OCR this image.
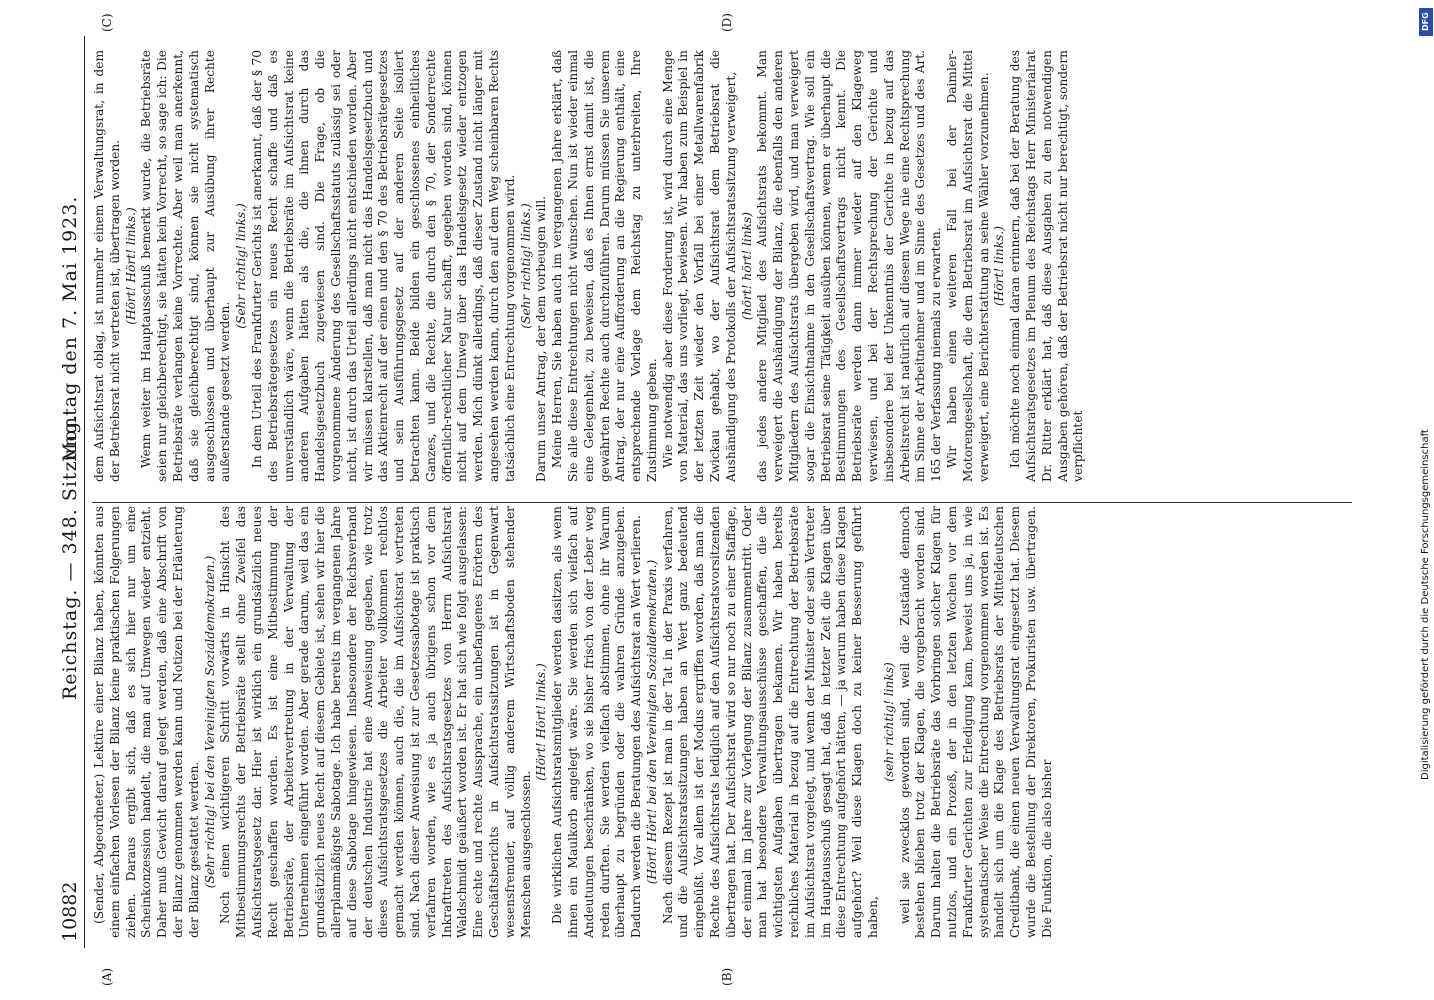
10882
Reichstag. — 348. Sitzung.
Montag den 7. Mai 1923.

(Sender, Abgeordneter.) Lektüre einer Bilanz haben, könnten aus einem einfachen Vorlesen der Bilanz keine praktischen Folgerungen ziehen. Daraus ergibt sich, daß es sich hier nur um eine Scheinkonzession handelt, die man auf Umwegen wieder entzieht. Daher muß Gewicht darauf gelegt werden, daß eine Abschrift von der Bilanz genommen werden kann und Notizen bei der Erläuterung der Bilanz gestattet werden. (Sehr richtig! bei den Vereinigten Sozialdemokraten.) Noch einen wichtigeren Schritt vorwärts in Hinsicht des Mitbestimmungsrechts der Betriebsräte stellt ohne Zweifel das Aufsichtsratsgesetz dar. Hier ist wirklich ein grundsätzlich neues Recht geschaffen worden. Es ist eine Mitbestimmung der Betriebsräte, der Arbeitervertretung in der Verwaltung der Unternehmen eingeführt worden. Aber gerade darum, weil das ein grundsätzlich neues Recht auf diesem Gebiete ist, sehen wir hier die allerplanmäßigste Sabotage. Ich habe bereits im vergangenen Jahre auf diese Sabotage hingewiesen. Insbesondere der Reichsverband der deutschen Industrie hat eine Anweisung gegeben, wie trotz dieses Aufsichtsratsgesetzes die Arbeiter vollkommen rechtlos gemacht werden können, auch die, die im Aufsichtsrat vertreten sind. Nach dieser Anweisung ist zur Gesetzessabotage ist praktisch verfahren worden, wie es ja auch übrigens schon vor dem Inkrafttreten des Aufsichtsratsgesetzes von Herrn Aufsichtsrat Waldschmidt geäußert worden ist. Er hat sich wie folgt ausgelassen: Eine echte und rechte Aussprache, ein unbefangenes Erörtern des Geschäftsberichts in Aufsichtsratssitzungen ist in Gegenwart wesensfremder, auf völlig anderem Wirtschaftsboden stehender Menschen ausgeschlossen.

(Hört! Hört! links.) Die wirklichen Aufsichtsratsmitglieder werden dasitzen, als wenn ihnen ein Maulkorb angelegt wäre. Sie werden sich vielfach auf Andeutungen beschränken, wo sie bisher frisch von der Leber weg reden durften. Sie werden vielfach abstimmen, ohne ihr Warum überhaupt zu begründen oder die wahren Gründe anzugeben. Dadurch werden die Beratungen des Aufsichtsrat an Wert verlieren. (Hört! Hört! bei den Vereinigten Sozialdemokraten.) Nach diesem Rezept ist man in der Tat in der Praxis verfahren, und die Aufsichtsratssitzungen haben an Wert ganz bedeutend eingebüßt. Vor allem ist der Modus ergriffen worden, daß man die Rechte des Aufsichtsrats lediglich auf den Aufsichtsratsvorsitzenden übertragen hat. Der Aufsichtsrat wird so nur noch zu einer Staffage, der einmal im Jahre zur Vorlegung der Bilanz zusammentritt. Oder man hat besondere Verwaltungsausschüsse geschaffen, die die wichtigsten Aufgaben übertragen bekamen. Wir haben bereits reichliches Material in bezug auf die Entrechtung der Betriebsräte im Aufsichtsrat vorgelegt, und wenn der Minister oder sein Vertreter im Hauptausschuß gesagt hat, daß in letzter Zeit die Klagen über diese Entrechtung aufgehört hätten, — ja warum haben diese Klagen aufgehört? Weil diese Klagen doch zu keiner Besserung geführt haben,

(sehr richtig! links) weil sie zwecklos geworden sind, weil die Zustände dennoch bestehen blieben trotz der Klagen, die vorgebracht worden sind. Darum halten die Betriebsräte das Vorbringen solcher Klagen für nutzlos, und ein Prozeß, der in den letzten Wochen vor dem Frankfurter Gerichten zur Erledigung kam, beweist uns ja, in wie systematischer Weise die Entrechtung vorgenommen worden ist. Es handelt sich um die Klage des Betriebsrats der Mitteldeutschen Creditbank, die einen neuen Verwaltungsrat eingesetzt hat. Diesem wurde die Bestellung der Direktoren, Prokuristen usw. übertragen. Die Funktion, die also bisher

dem Aufsichtsrat oblag, ist nunmehr einem Verwaltungsrat, in dem der Betriebsrat nicht vertreten ist, übertragen worden. (Hört! Hört! links.) Wenn weiter im Hauptausschuß bemerkt wurde, die Betriebsräte seien nur gleichberechtigt, sie hätten kein Vorrecht, so sage ich: Die Betriebsräte verlangen keine Vorrechte. Aber weil man anerkennt, daß sie gleichberechtigt sind, können sie nicht systematisch ausgeschlossen und überhaupt zur Ausübung ihrer Rechte außerstande gesetzt werden.

(Sehr richtig! links.) In dem Urteil des Frankfurter Gerichts ist anerkannt, daß der § 70 des Betriebsrätegesetzes ein neues Recht schaffe und daß es unverständlich wäre, wenn die Betriebsräte im Aufsichtsrat keine anderen Aufgaben hätten als die, die ihnen durch das Handelsgesetzbuch zugewiesen sind. Die Frage, ob die vorgenommene Änderung des Gesellschaftsstatuts zulässig sei oder nicht, ist durch das Urteil allerdings nicht entschieden worden. Aber wir müssen klarstellen, daß man nicht das Handelsgesetzbuch und das Aktienrecht auf der einen und den § 70 des Betriebsrätegesetzes und sein Ausführungsgesetz auf der anderen Seite isoliert betrachten kann. Beide bilden ein geschlossenes einheitliches Ganzes, und die Rechte, die durch den § 70, der Sonderrechte öffentlich-rechtlicher Natur schafft, gegeben worden sind, können nicht auf dem Umweg über das Handelsgesetz wieder entzogen werden. Mich dünkt allerdings, daß dieser Zustand nicht länger mit angesehen werden kann, durch den auf dem Weg scheinbaren Rechts tatsächlich eine Entrechtung vorgenommen wird. (Sehr richtig! links.) Darum unser Antrag, der dem vorbeugen will. Meine Herren, Sie haben auch im vergangenen Jahre erklärt, daß Sie alle diese Entrechtungen nicht wünschen. Nun ist wieder einmal eine Gelegenheit, zu beweisen, daß es Ihnen ernst damit ist, die gewährten Rechte auch durchzuführen. Darum müssen Sie unserem Antrag, der nur eine Aufforderung an die Regierung enthält, eine entsprechende Vorlage dem Reichstag zu unterbreiten, Ihre Zustimmung geben. Wie notwendig aber diese Forderung ist, wird durch eine Menge von Material, das uns vorliegt, bewiesen. Wir haben zum Beispiel in der letzten Zeit wieder den Vorfall bei einer Metallwarenfabrik Zwickau gehabt, wo der Aufsichtsrat dem Betriebsrat die Aushändigung des Protokolls der Aufsichtsratssitzung verweigert, (hört! hört! links) das jedes andere Mitglied des Aufsichtsrats bekommt. Man verweigert die Aushändigung der Bilanz, die ebenfalls den anderen Mitgliedern des Aufsichtsrats übergeben wird, und man verweigert sogar die Einsichtnahme in den Gesellschaftsvertrag. Wie soll ein Betriebsrat seine Tätigkeit ausüben können, wenn er überhaupt die Bestimmungen des Gesellschaftsvertrags nicht kennt. Die Betriebsräte werden dann immer wieder auf den Klageweg verwiesen, und bei der Rechtsprechung der Gerichte und insbesondere bei der Unkenntnis der Gerichte in bezug auf das Arbeitsrecht ist natürlich auf diesem Wege nie eine Rechtsprechung im Sinne der Arbeitnehmer und im Sinne des Gesetzes und des Art. 165 der Verfassung niemals zu erwarten. Wir haben einen weiteren Fall bei der Daimler-Motorengesellschaft, die dem Betriebsrat im Aufsichtsrat die Mittel verweigert, eine Berichterstattung an seine Wähler vorzunehmen. (Hört! links.) Ich möchte noch einmal daran erinnern, daß bei der Beratung des Aufsichtsratsgesetzes im Plenum des Reichstags Herr Ministerialrat Dr. Ritter erklärt hat, daß diese Ausgaben zu den notwendigen Ausgaben gehören, daß der Betriebsrat nicht nur berechtigt, sondern verpflichtet

(A)	(B)
(C)	(D)	DFG
Digitalisierung gefördert durch die Deutsche Forschungsgemeinschaft
